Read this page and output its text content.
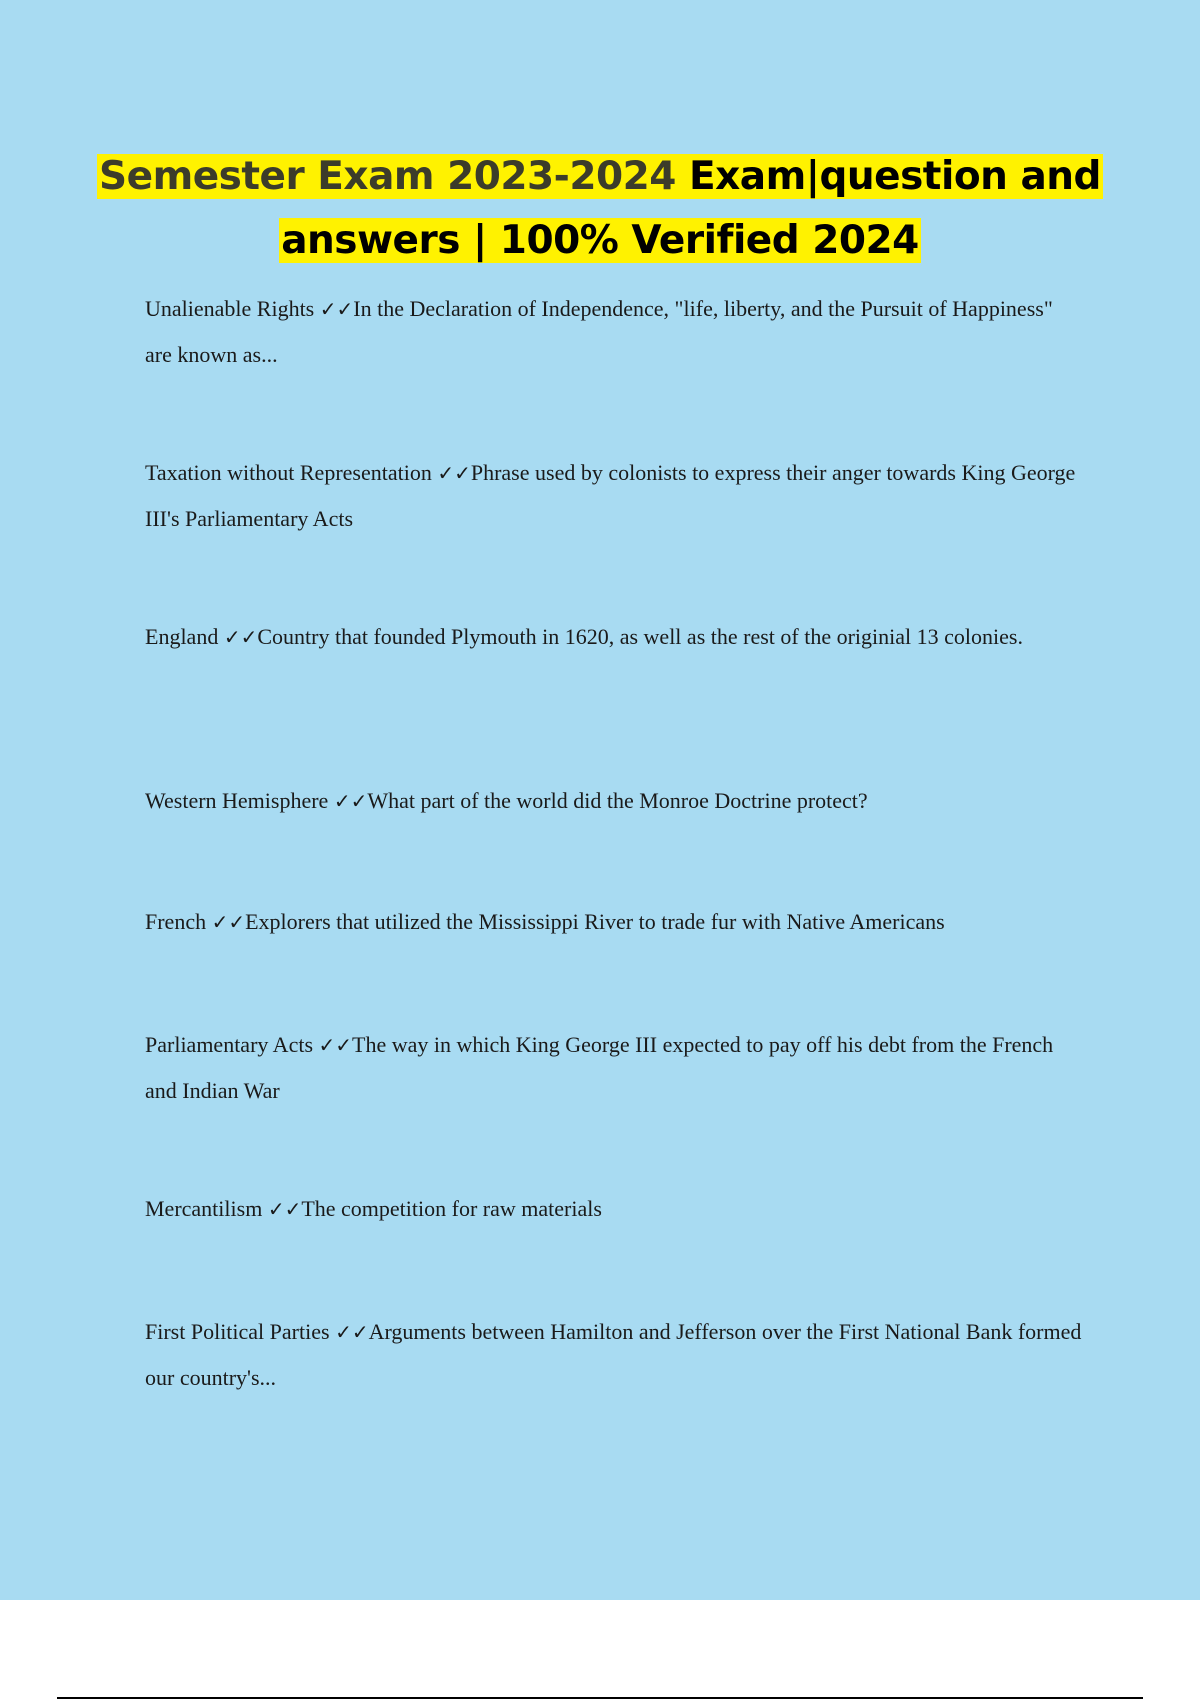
Semester Exam 2023-2024 Exam|question and
answers | 100% Verified 2024
Unalienable Rights ✓✓In the Declaration of Independence, "life, liberty, and the Pursuit of Happiness" are known as...
Taxation without Representation ✓✓Phrase used by colonists to express their anger towards King George III's Parliamentary Acts
England ✓✓Country that founded Plymouth in 1620, as well as the rest of the originial 13 colonies.
Western Hemisphere ✓✓What part of the world did the Monroe Doctrine protect?
French ✓✓Explorers that utilized the Mississippi River to trade fur with Native Americans
Parliamentary Acts ✓✓The way in which King George III expected to pay off his debt from the French and Indian War
Mercantilism ✓✓The competition for raw materials
First Political Parties ✓✓Arguments between Hamilton and Jefferson over the First National Bank formed our country's...
